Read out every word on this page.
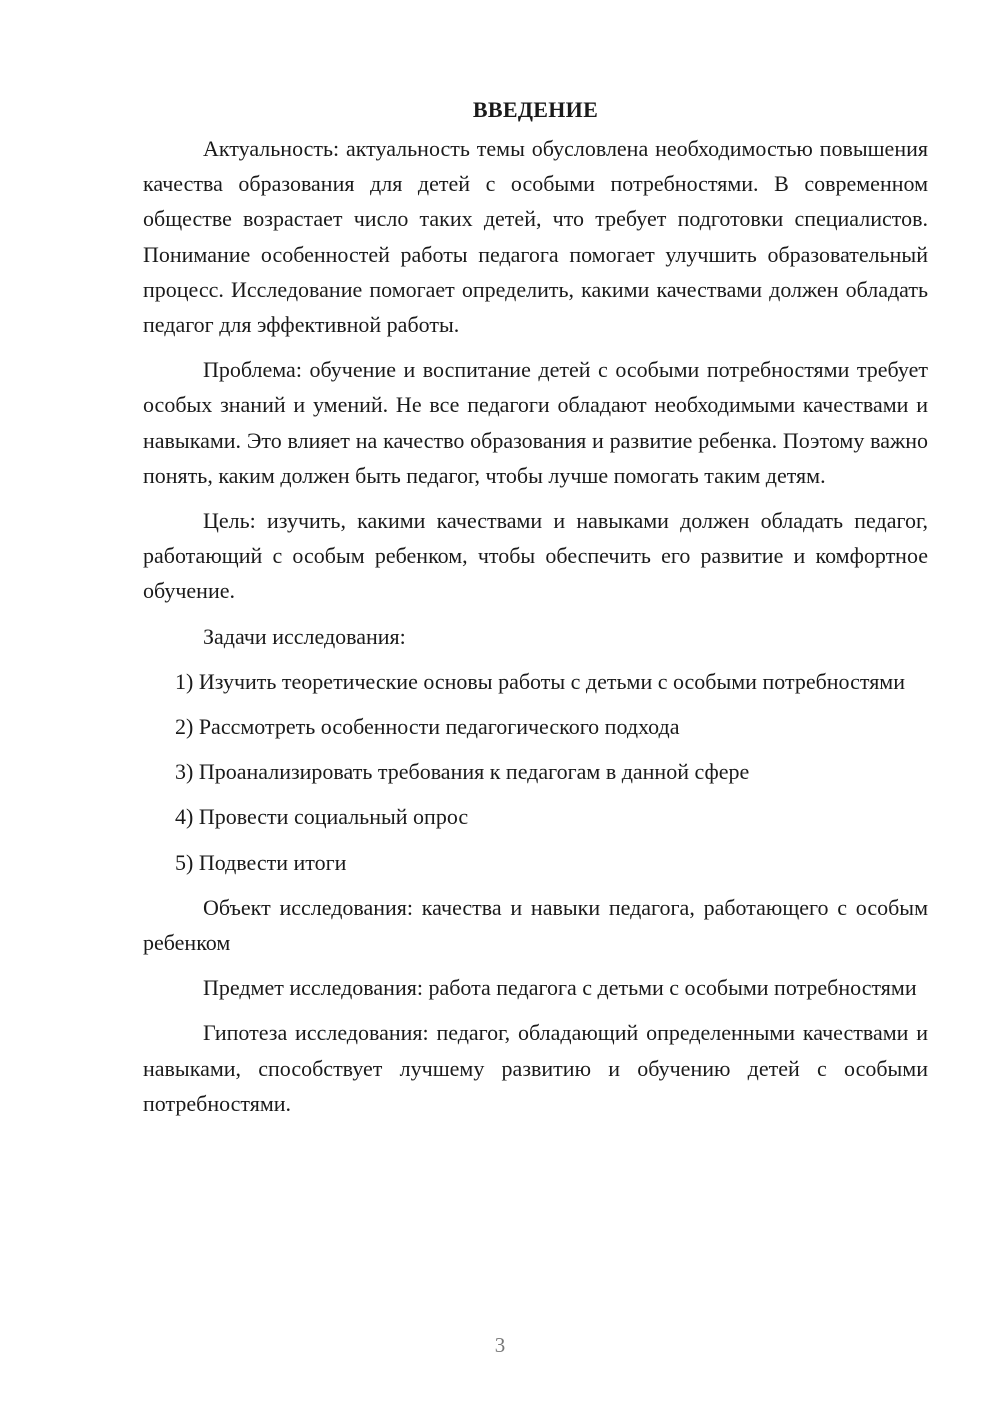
ВВЕДЕНИЕ

Актуальность: актуальность темы обусловлена необходимостью повышения качества образования для детей с особыми потребностями. В современном обществе возрастает число таких детей, что требует подготовки специалистов. Понимание особенностей работы педагога помогает улучшить образовательный процесс. Исследование помогает определить, какими качествами должен обладать педагог для эффективной работы.

Проблема: обучение и воспитание детей с особыми потребностями требует особых знаний и умений. Не все педагоги обладают необходимыми качествами и навыками. Это влияет на качество образования и развитие ребенка. Поэтому важно понять, каким должен быть педагог, чтобы лучше помогать таким детям.

Цель: изучить, какими качествами и навыками должен обладать педагог, работающий с особым ребенком, чтобы обеспечить его развитие и комфортное обучение.

Задачи исследования:

1) Изучить теоретические основы работы с детьми с особыми потребностями
2) Рассмотреть особенности педагогического подхода
3) Проанализировать требования к педагогам в данной сфере
4) Провести социальный опрос
5) Подвести итоги

Объект исследования: качества и навыки педагога, работающего с особым ребенком

Предмет исследования: работа педагога с детьми с особыми потребностями

Гипотеза исследования: педагог, обладающий определенными качествами и навыками, способствует лучшему развитию и обучению детей с особыми потребностями.

3
